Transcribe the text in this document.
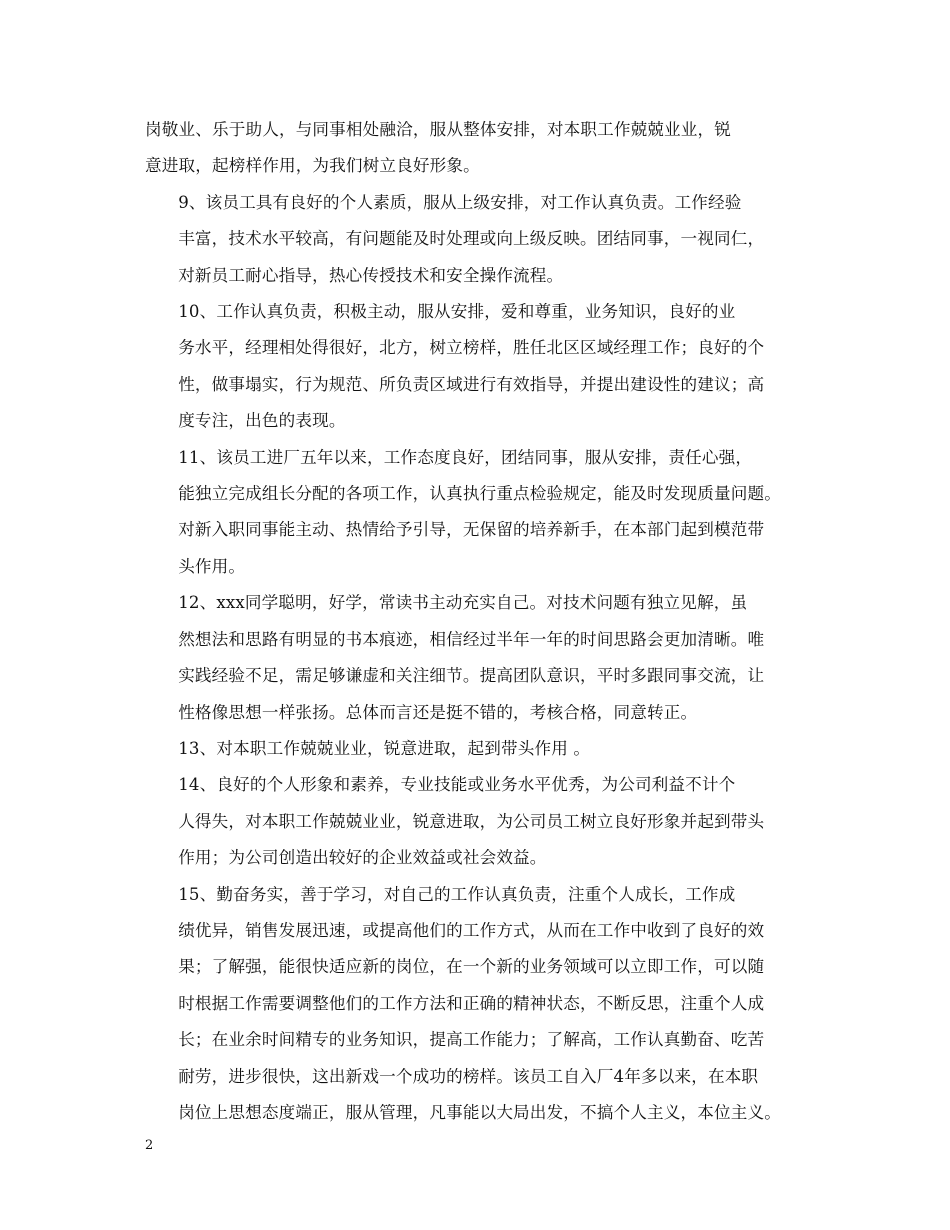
岗敬业、乐于助人，与同事相处融洽，服从整体安排，对本职工作兢兢业业，锐
意进取，起榜样作用，为我们树立良好形象。

9、该员工具有良好的个人素质，服从上级安排，对工作认真负责。工作经验
丰富，技术水平较高，有问题能及时处理或向上级反映。团结同事，一视同仁，
对新员工耐心指导，热心传授技术和安全操作流程。

10、工作认真负责，积极主动，服从安排，爱和尊重，业务知识，良好的业
务水平，经理相处得很好，北方，树立榜样，胜任北区区域经理工作；良好的个
性，做事塌实，行为规范、所负责区域进行有效指导，并提出建设性的建议；高
度专注，出色的表现。

11、该员工进厂五年以来，工作态度良好，团结同事，服从安排，责任心强，
能独立完成组长分配的各项工作，认真执行重点检验规定，能及时发现质量问题。
对新入职同事能主动、热情给予引导，无保留的培养新手，在本部门起到模范带
头作用。

12、xxx同学聪明，好学，常读书主动充实自己。对技术问题有独立见解，虽
然想法和思路有明显的书本痕迹，相信经过半年一年的时间思路会更加清晰。唯
实践经验不足，需足够谦虚和关注细节。提高团队意识，平时多跟同事交流，让
性格像思想一样张扬。总体而言还是挺不错的，考核合格，同意转正。

13、对本职工作兢兢业业，锐意进取，起到带头作用 。

14、良好的个人形象和素养，专业技能或业务水平优秀，为公司利益不计个
人得失，对本职工作兢兢业业，锐意进取，为公司员工树立良好形象并起到带头
作用；为公司创造出较好的企业效益或社会效益。

15、勤奋务实，善于学习，对自己的工作认真负责，注重个人成长，工作成
绩优异，销售发展迅速，或提高他们的工作方式，从而在工作中收到了良好的效
果；了解强，能很快适应新的岗位，在一个新的业务领域可以立即工作，可以随
时根据工作需要调整他们的工作方法和正确的精神状态，不断反思，注重个人成
长；在业余时间精专的业务知识，提高工作能力；了解高，工作认真勤奋、吃苦
耐劳，进步很快，这出新戏一个成功的榜样。该员工自入厂4年多以来，在本职
岗位上思想态度端正，服从管理，凡事能以大局出发，不搞个人主义，本位主义。

2
